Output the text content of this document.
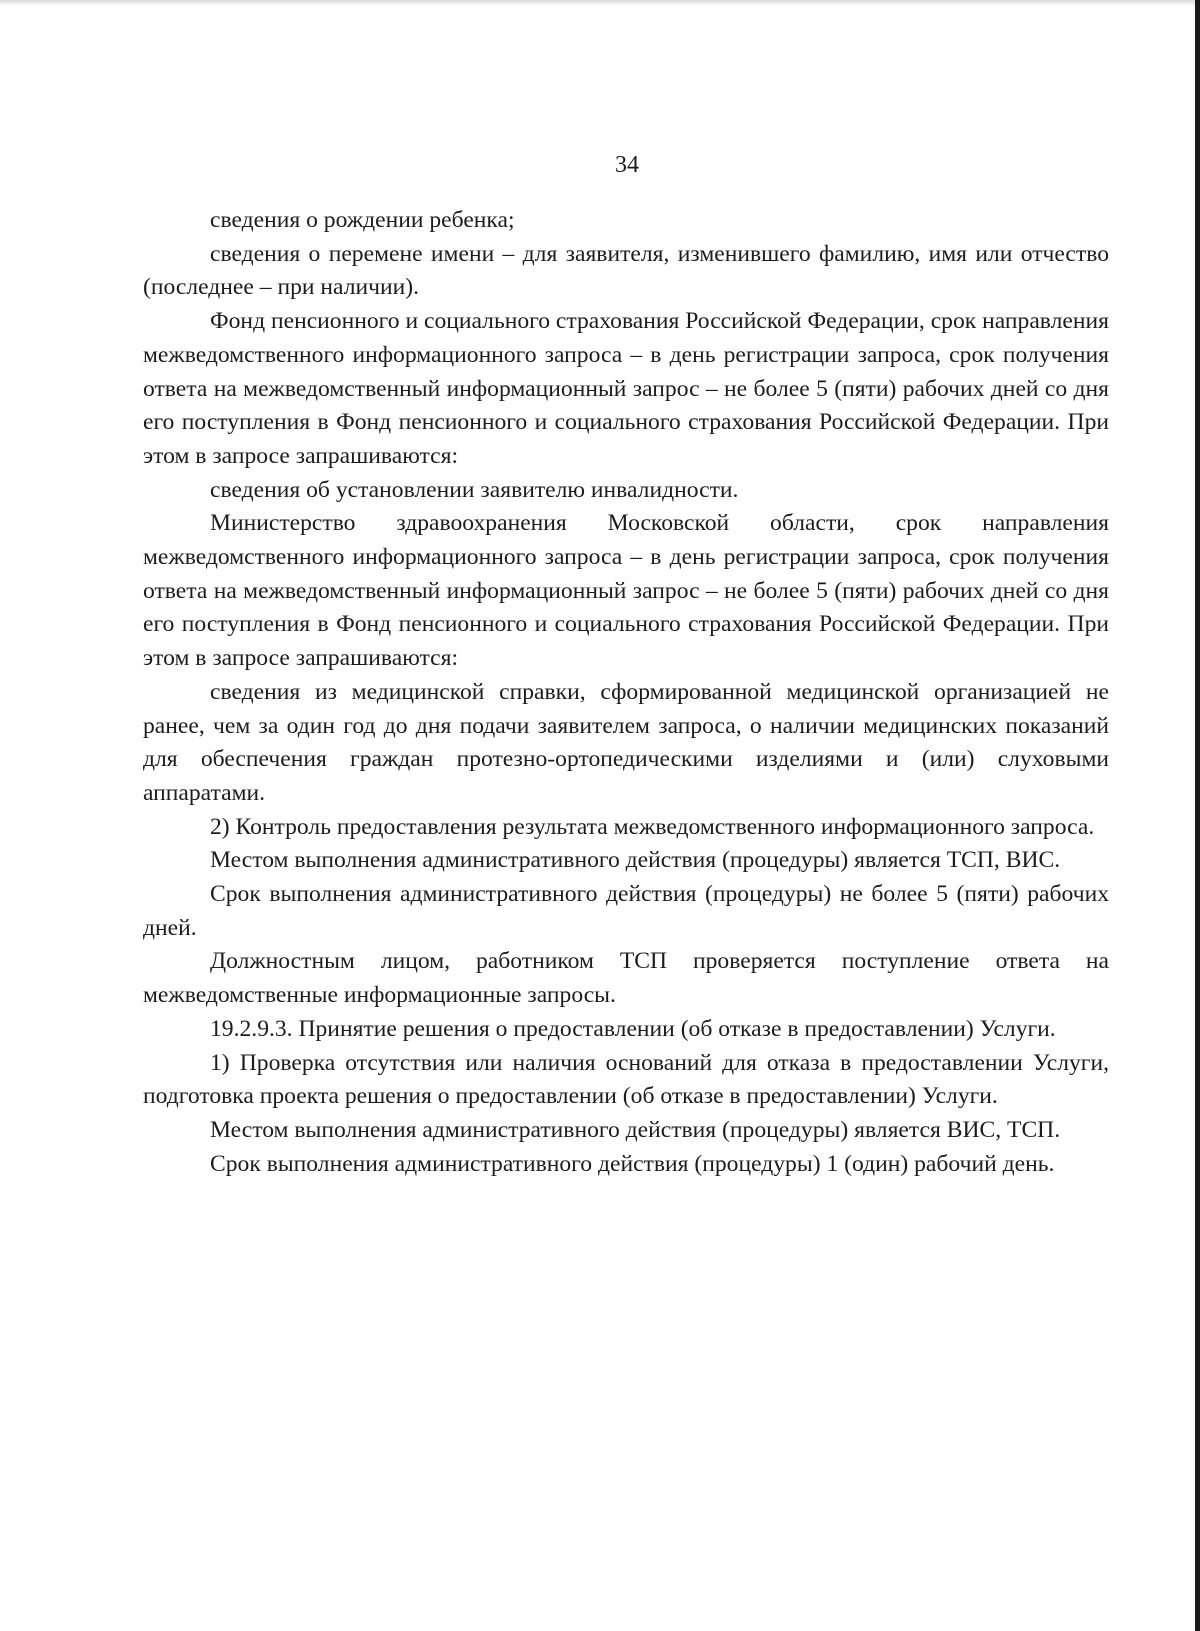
34

сведения о рождении ребенка;

сведения о перемене имени – для заявителя, изменившего фамилию, имя или отчество (последнее – при наличии).

Фонд пенсионного и социального страхования Российской Федерации, срок направления межведомственного информационного запроса – в день регистрации запроса, срок получения ответа на межведомственный информационный запрос – не более 5 (пяти) рабочих дней со дня его поступления в Фонд пенсионного и социального страхования Российской Федерации. При этом в запросе запрашиваются:

сведения об установлении заявителю инвалидности.

Министерство здравоохранения Московской области, срок направления межведомственного информационного запроса – в день регистрации запроса, срок получения ответа на межведомственный информационный запрос – не более 5 (пяти) рабочих дней со дня его поступления в Фонд пенсионного и социального страхования Российской Федерации. При этом в запросе запрашиваются:

сведения из медицинской справки, сформированной медицинской организацией не ранее, чем за один год до дня подачи заявителем запроса, о наличии медицинских показаний для обеспечения граждан протезно-ортопедическими изделиями и (или) слуховыми аппаратами.

2) Контроль предоставления результата межведомственного информационного запроса.

Местом выполнения административного действия (процедуры) является ТСП, ВИС.

Срок выполнения административного действия (процедуры) не более 5 (пяти) рабочих дней.

Должностным лицом, работником ТСП проверяется поступление ответа на межведомственные информационные запросы.

19.2.9.3. Принятие решения о предоставлении (об отказе в предоставлении) Услуги.

1) Проверка отсутствия или наличия оснований для отказа в предоставлении Услуги, подготовка проекта решения о предоставлении (об отказе в предоставлении) Услуги.

Местом выполнения административного действия (процедуры) является ВИС, ТСП.

Срок выполнения административного действия (процедуры) 1 (один) рабочий день.
